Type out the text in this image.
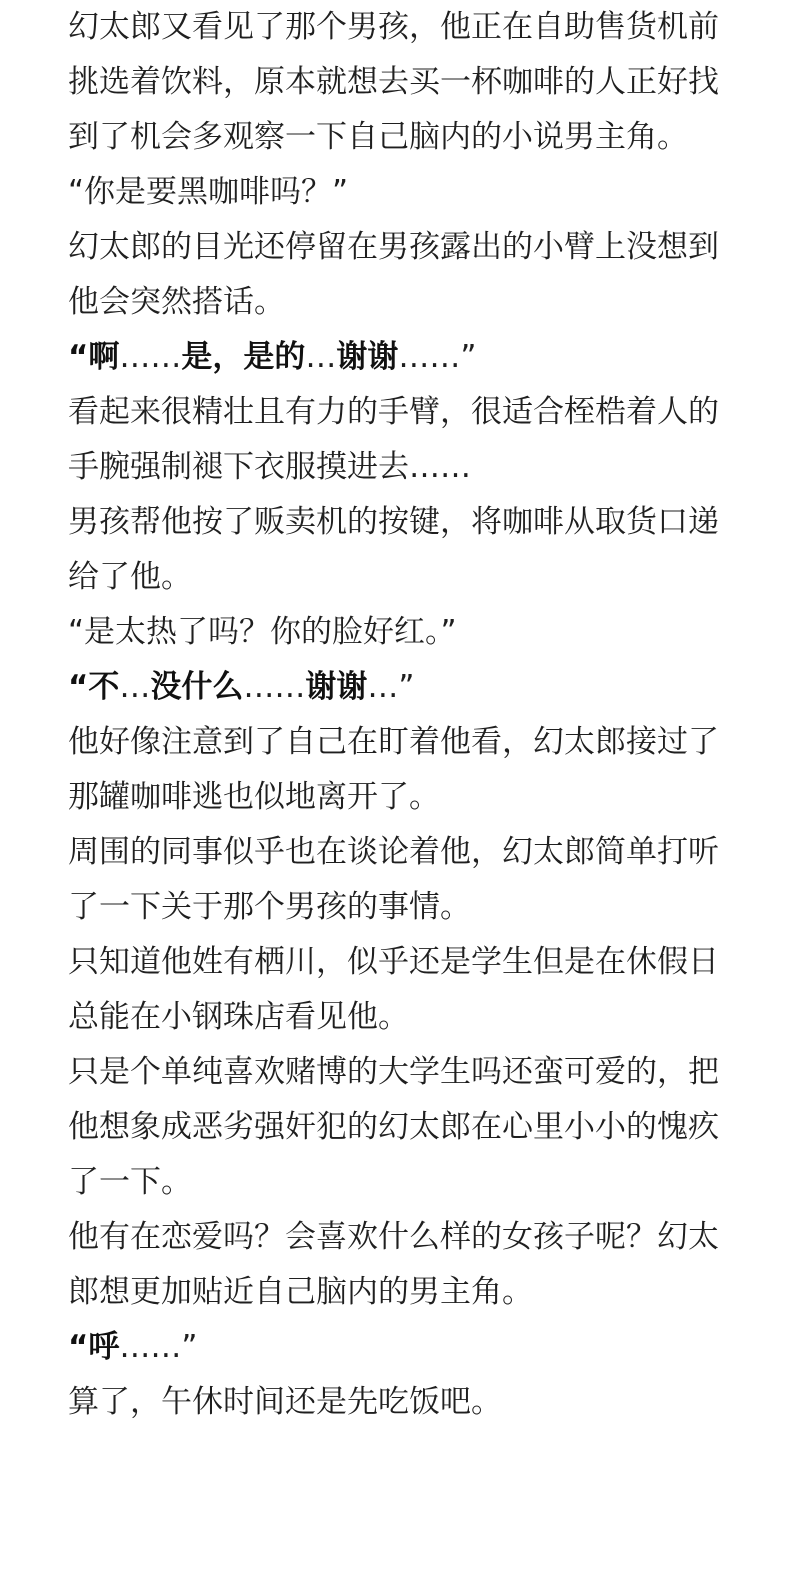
幻太郎又看见了那个男孩，他正在自助售货机前挑选着饮料，原本就想去买一杯咖啡的人正好找到了机会多观察一下自己脑内的小说男主角。

“你是要黑咖啡吗？”

幻太郎的目光还停留在男孩露出的小臂上没想到他会突然搭话。

“啊……是，是的…谢谢……”

看起来很精壮且有力的手臂，很适合桎梏着人的手腕强制褪下衣服摸进去……

男孩帮他按了贩卖机的按键，将咖啡从取货口递给了他。

“是太热了吗？你的脸好红。”

“不…没什么……谢谢…”

他好像注意到了自己在盯着他看，幻太郎接过了那罐咖啡逃也似地离开了。

周围的同事似乎也在谈论着他，幻太郎简单打听了一下关于那个男孩的事情。

只知道他姓有栖川，似乎还是学生但是在休假日总能在小钢珠店看见他。

只是个单纯喜欢赌博的大学生吗还蛮可爱的，把他想象成恶劣强奸犯的幻太郎在心里小小的愧疚了一下。

他有在恋爱吗？会喜欢什么样的女孩子呢？幻太郎想更加贴近自己脑内的男主角。

“呼……”

算了，午休时间还是先吃饭吧。
